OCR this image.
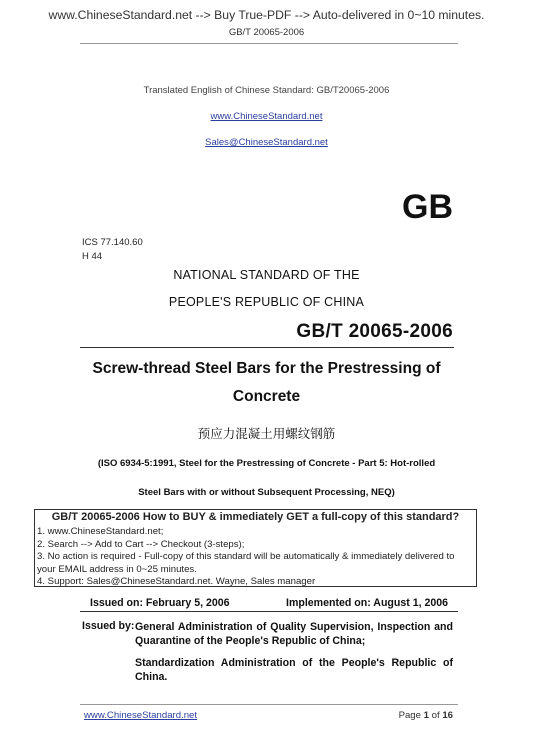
www.ChineseStandard.net --> Buy True-PDF --> Auto-delivered in 0~10 minutes.
GB/T 20065-2006
Translated English of Chinese Standard: GB/T20065-2006
www.ChineseStandard.net
Sales@ChineseStandard.net
GB
ICS 77.140.60
H 44
NATIONAL STANDARD OF THE
PEOPLE'S REPUBLIC OF CHINA
GB/T 20065-2006
Screw-thread Steel Bars for the Prestressing of
Concrete
预应力混凝土用螺纹钢筋
(ISO 6934-5:1991, Steel for the Prestressing of Concrete - Part 5: Hot-rolled
Steel Bars with or without Subsequent Processing, NEQ)
GB/T 20065-2006 How to BUY & immediately GET a full-copy of this standard?
1. www.ChineseStandard.net;
2. Search --> Add to Cart --> Checkout (3-steps);
3. No action is required - Full-copy of this standard will be automatically & immediately delivered to
your EMAIL address in 0~25 minutes.
4. Support: Sales@ChineseStandard.net. Wayne, Sales manager
Issued on: February 5, 2006	Implemented on: August 1, 2006
Issued by: General Administration of Quality Supervision, Inspection and Quarantine of the People's Republic of China;
Standardization Administration of the People's Republic of China.
www.ChineseStandard.net	Page 1 of 16
